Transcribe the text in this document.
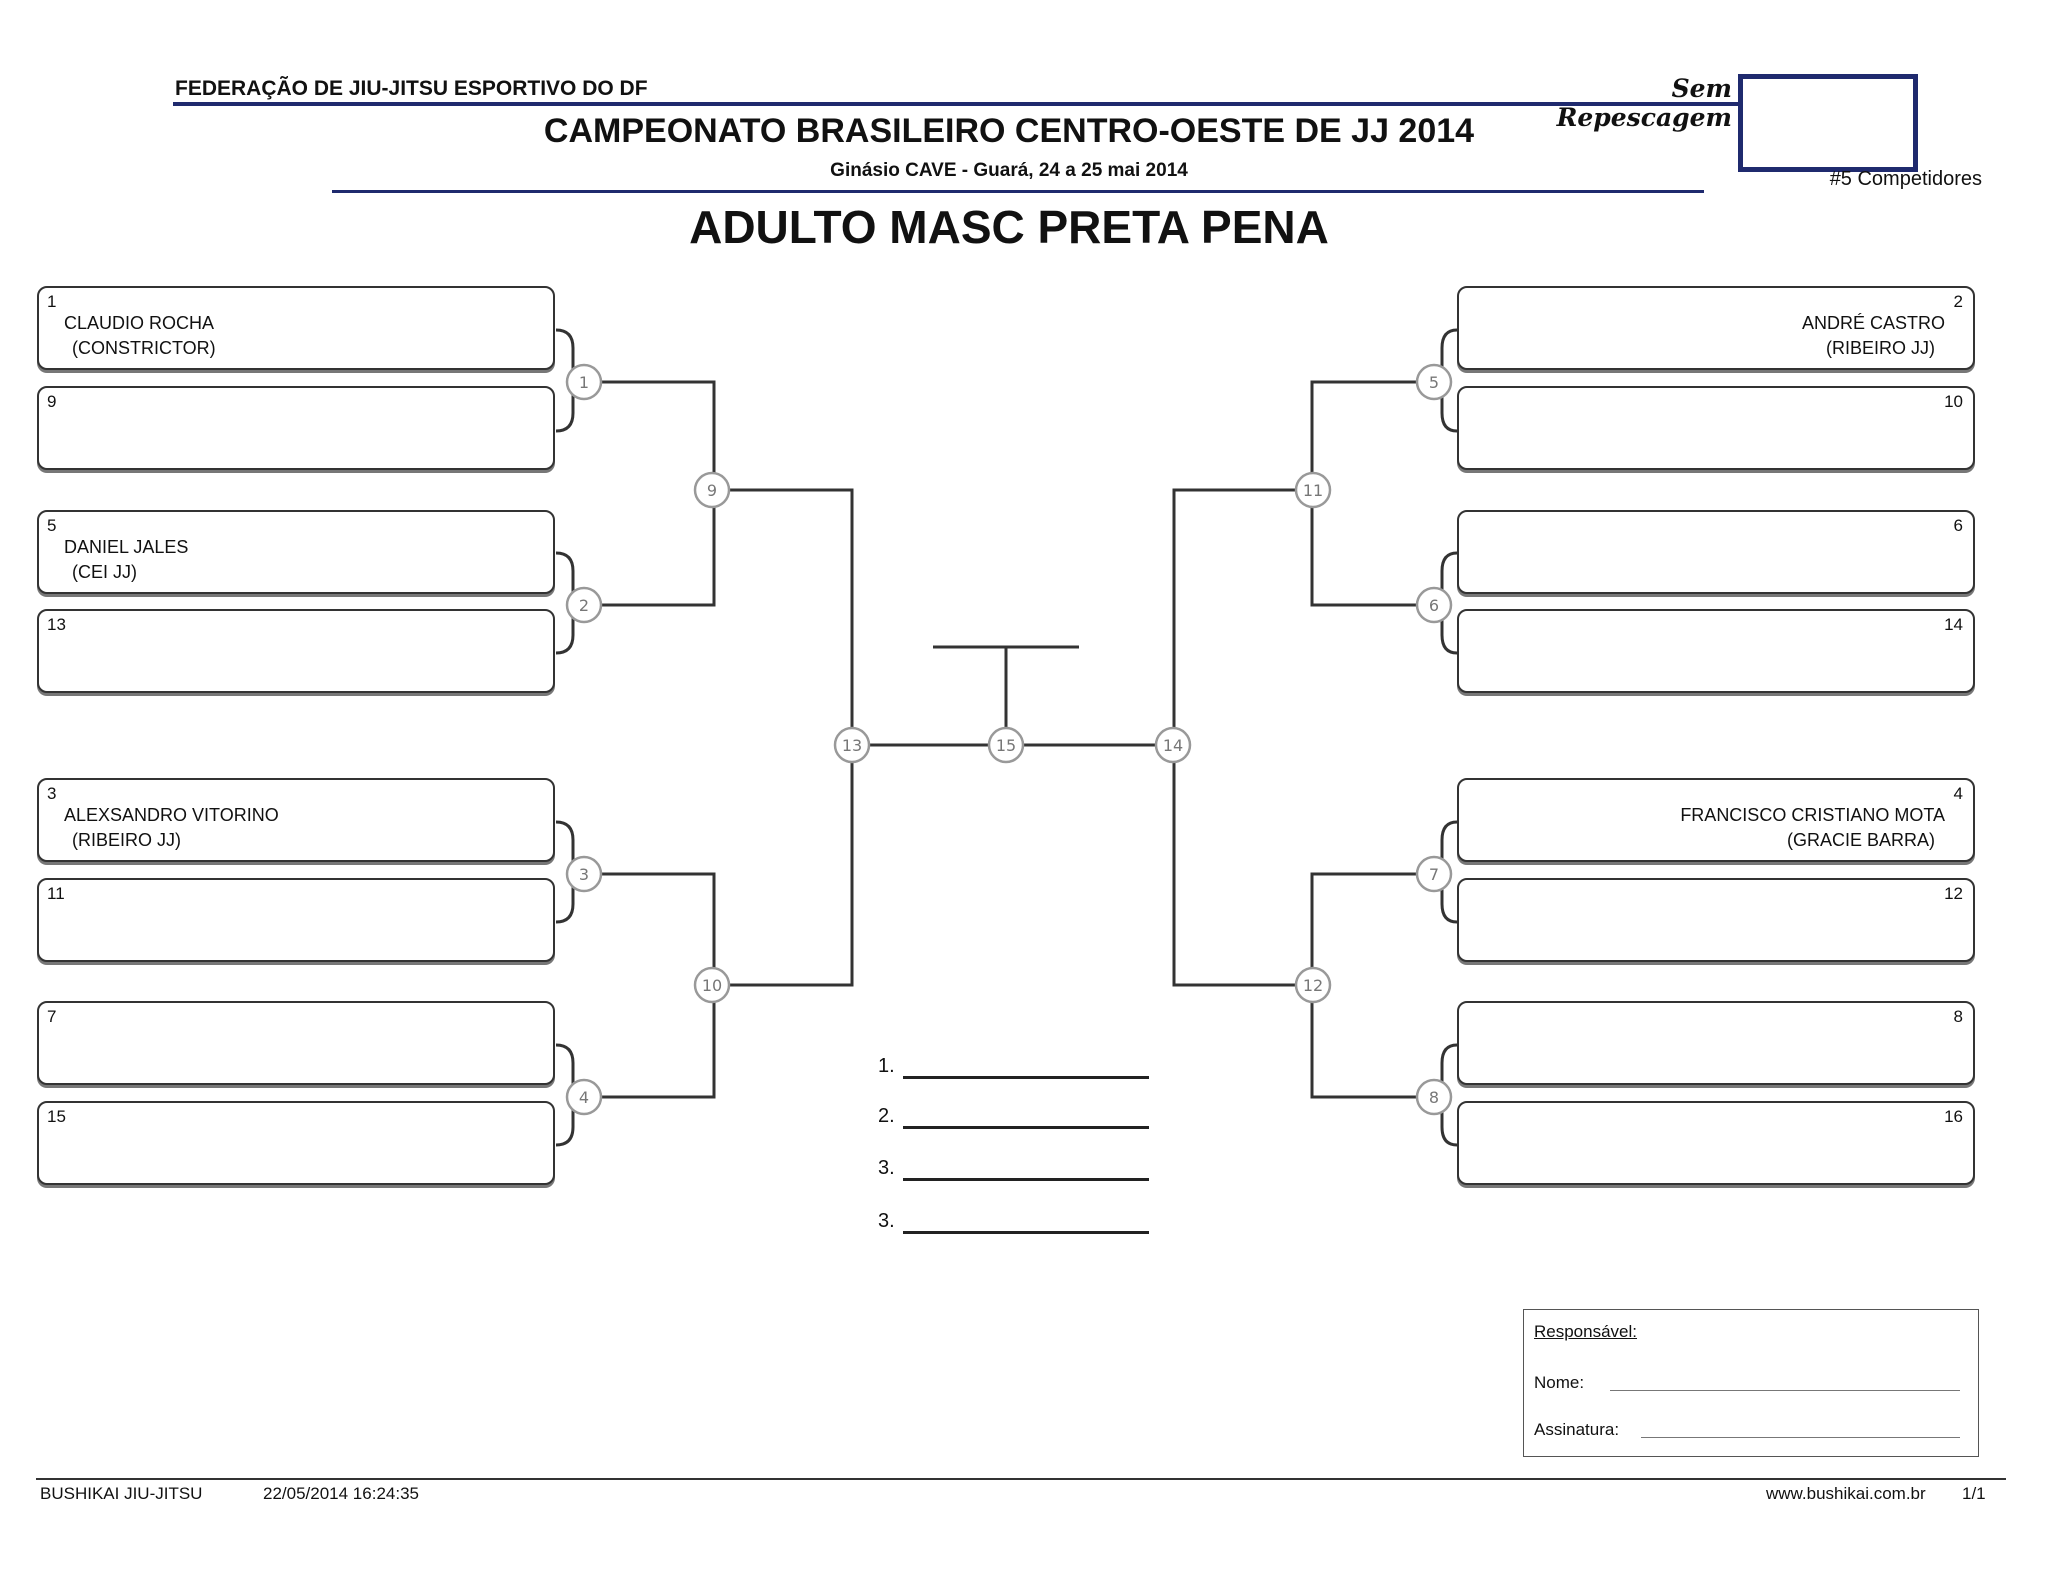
FEDERAÇÃO DE JIU-JITSU ESPORTIVO DO DF	Sem Repescagem
CAMPEONATO BRASILEIRO CENTRO-OESTE DE JJ 2014
Ginásio CAVE - Guará, 24 a 25 mai 2014	#5 Competidores
ADULTO MASC PRETA PENA
1
2
3
4
5
6
7
8
9
10
11
12
13	14
15
1
CLAUDIO ROCHA
(CONSTRICTOR)
9
5
DANIEL JALES
(CEI JJ)
13
3
ALEXSANDRO VITORINO
(RIBEIRO JJ)
11
7
15
2
ANDRÉ CASTRO
(RIBEIRO JJ)
10
6
14
4
FRANCISCO CRISTIANO MOTA
(GRACIE BARRA)
12
8
16
1.
2.
3.
3.
Responsável:
Nome:
Assinatura:
BUSHIKAI JIU-JITSU	22/05/2014 16:24:35	www.bushikai.com.br 1/1
